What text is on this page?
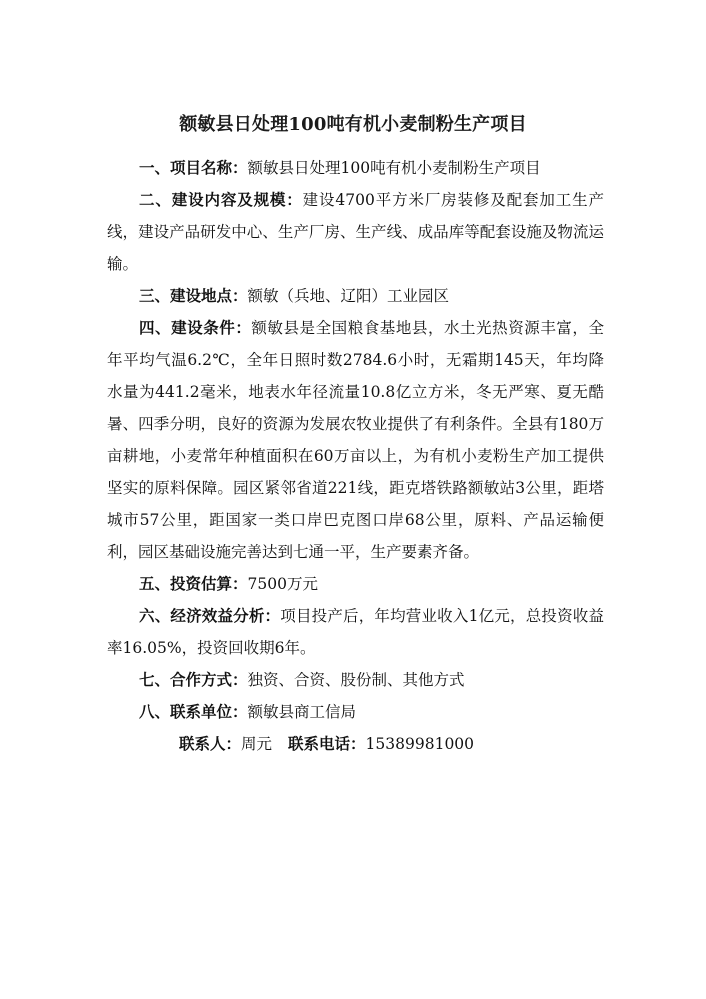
额敏县日处理100吨有机小麦制粉生产项目

一、项目名称：额敏县日处理100吨有机小麦制粉生产项目

二、建设内容及规模：建设4700平方米厂房装修及配套加工生产线，建设产品研发中心、生产厂房、生产线、成品库等配套设施及物流运输。

三、建设地点：额敏（兵地、辽阳）工业园区

四、建设条件：额敏县是全国粮食基地县，水土光热资源丰富，全年平均气温6.2℃，全年日照时数2784.6小时，无霜期145天，年均降水量为441.2毫米，地表水年径流量10.8亿立方米，冬无严寒、夏无酷暑、四季分明，良好的资源为发展农牧业提供了有利条件。全县有180万亩耕地，小麦常年种植面积在60万亩以上，为有机小麦粉生产加工提供坚实的原料保障。园区紧邻省道221线，距克塔铁路额敏站3公里，距塔城市57公里，距国家一类口岸巴克图口岸68公里，原料、产品运输便利，园区基础设施完善达到七通一平，生产要素齐备。

五、投资估算：7500万元

六、经济效益分析：项目投产后，年均营业收入1亿元，总投资收益率16.05%，投资回收期6年。

七、合作方式：独资、合资、股份制、其他方式

八、联系单位：额敏县商工信局

联系人：周元 联系电话：15389981000
